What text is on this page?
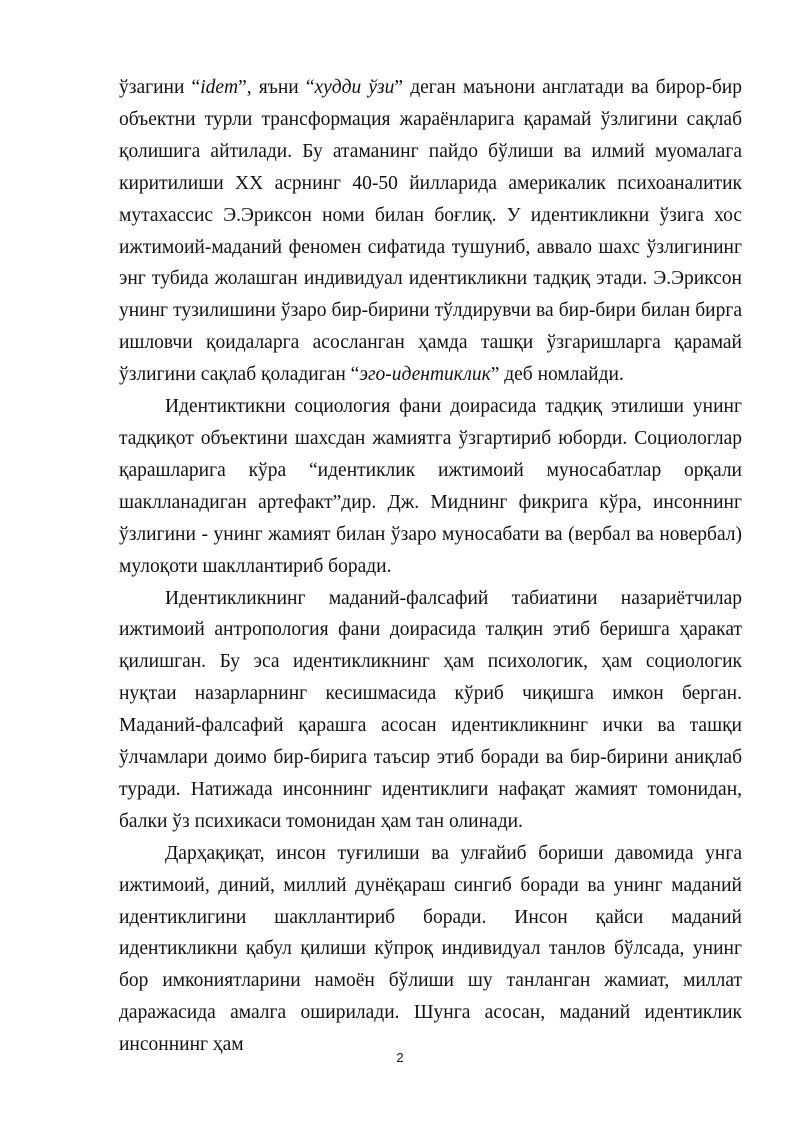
ўзагини “idem”, яъни “худди ўзи” деган маънони англатади ва бирор-бир объектни турли трансформация жараёнларига қарамай ўзлигини сақлаб қолишига айтилади. Бу атаманинг пайдо бўлиши ва илмий муомалага киритилиши XX асрнинг 40-50 йилларида америкалик психоаналитик мутахассис Э.Эриксон номи билан боғлиқ. У идентикликни ўзига хос ижтимоий-маданий феномен сифатида тушуниб, аввало шахс ўзлигининг энг тубида жолашган индивидуал идентикликни тадқиқ этади. Э.Эриксон унинг тузилишини ўзаро бир-бирини тўлдирувчи ва бир-бири билан бирга ишловчи қоидаларга асосланган ҳамда ташқи ўзгаришларга қарамай ўзлигини сақлаб қоладиган “эго-идентиклик” деб номлайди.

Идентиктикни социология фани доирасида тадқиқ этилиши унинг тадқиқот объектини шахсдан жамиятга ўзгартириб юборди. Социологлар қарашларига кўра “идентиклик ижтимоий муносабатлар орқали шаклланадиган артефакт”дир. Дж. Миднинг фикрига кўра, инсоннинг ўзлигини - унинг жамият билан ўзаро муносабати ва (вербал ва новербал) мулоқоти шакллантириб боради.

Идентикликнинг маданий-фалсафий табиатини назариётчилар ижтимоий антропология фани доирасида талқин этиб беришга ҳаракат қилишган. Бу эса идентикликнинг ҳам психологик, ҳам социологик нуқтаи назарларнинг кесишмасида кўриб чиқишга имкон берган. Маданий-фалсафий қарашга асосан идентикликнинг ички ва ташқи ўлчамлари доимо бир-бирига таъсир этиб боради ва бир-бирини аниқлаб туради. Натижада инсоннинг идентиклиги нафақат жамият томонидан, балки ўз психикаси томонидан ҳам тан олинади.

Дарҳақиқат, инсон туғилиши ва улғайиб бориши давомида унга ижтимоий, диний, миллий дунёқараш сингиб боради ва унинг маданий идентиклигини шакллантириб боради. Инсон қайси маданий идентикликни қабул қилиши кўпроқ индивидуал танлов бўлсада, унинг бор имкониятларини намоён бўлиши шу танланган жамиат, миллат даражасида амалга оширилади. Шунга асосан, маданий идентиклик инсоннинг ҳам

2
